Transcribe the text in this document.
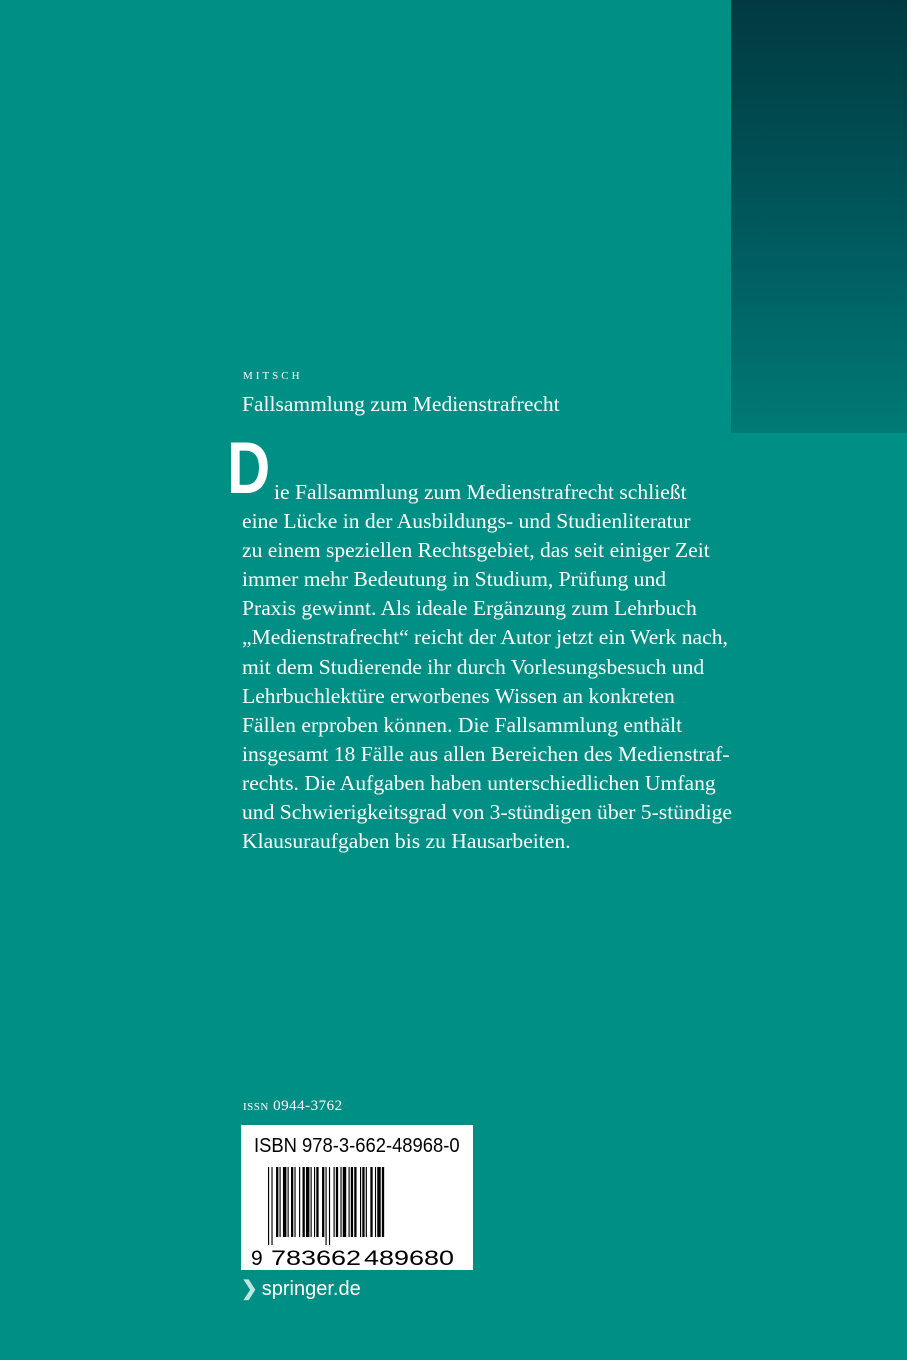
mitsch
Fallsammlung zum Medienstrafrecht
D ie Fallsammlung zum Medienstrafrecht schließt
eine Lücke in der Ausbildungs- und Studienliteratur
zu einem speziellen Rechtsgebiet, das seit einiger Zeit
immer mehr Bedeutung in Studium, Prüfung und
Praxis gewinnt. Als ideale Ergänzung zum Lehrbuch
„Medienstrafrecht“ reicht der Autor jetzt ein Werk nach,
mit dem Studierende ihr durch Vorlesungsbesuch und
Lehrbuchlektüre erworbenes Wissen an konkreten
Fällen erproben können. Die Fallsammlung enthält
insgesamt 18 Fälle aus allen Bereichen des Medienstraf-
rechts. Die Aufgaben haben unterschiedlichen Umfang
und Schwierigkeitsgrad von 3-stündigen über 5-stündige
Klausuraufgaben bis zu Hausarbeiten.
issn 0944-3762
ISBN 978-3-662-48968-0
9 783662 489680
❯ springer.de
